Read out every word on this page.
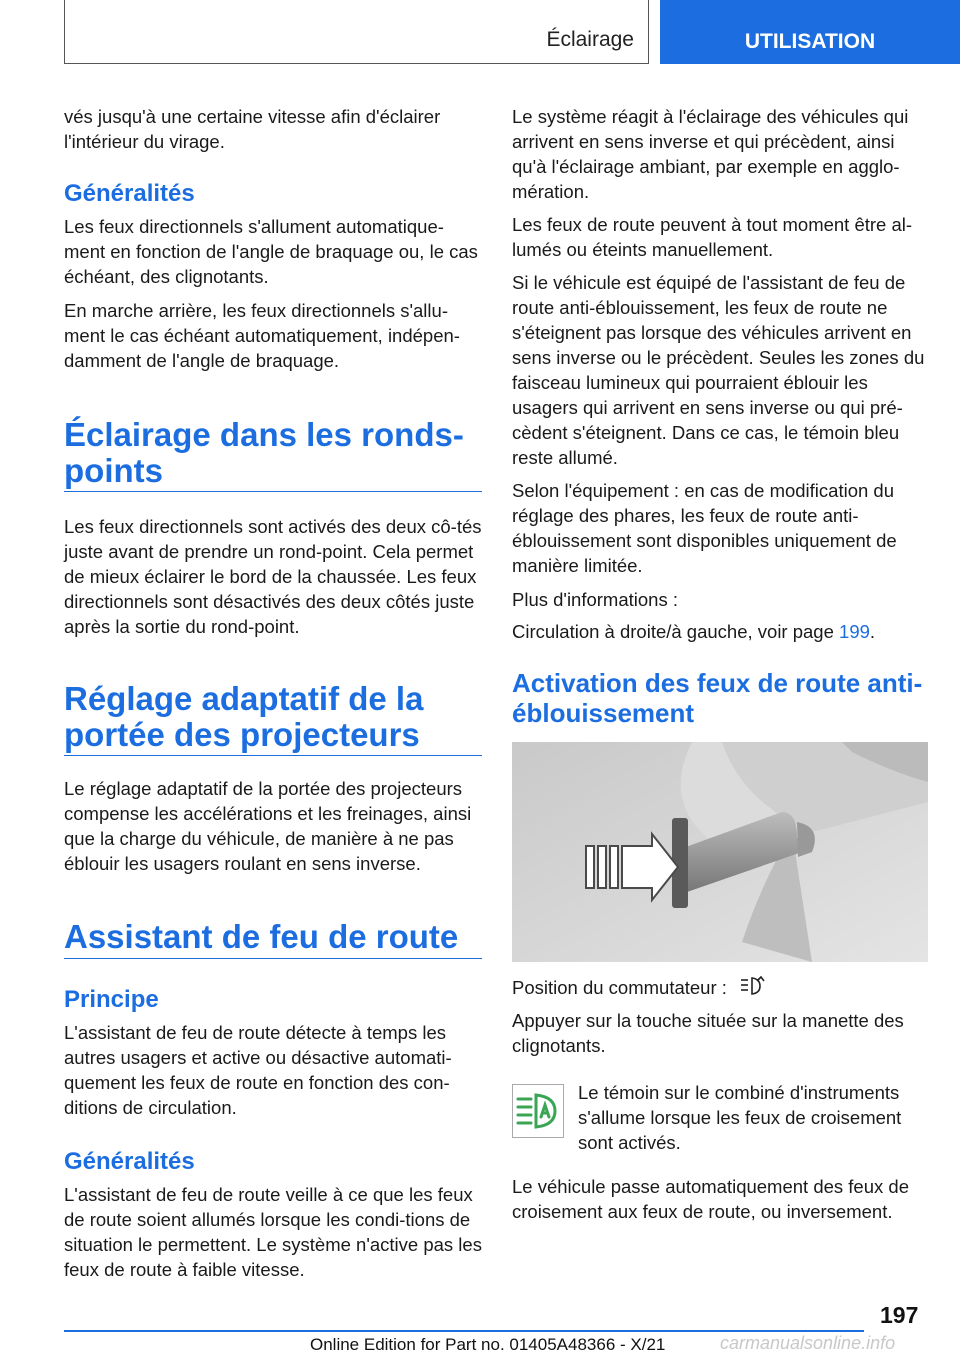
Éclairage	UTILISATION

vés jusqu'à une certaine vitesse afin d'éclairer l'intérieur du virage.

Généralités

Les feux directionnels s'allument automatique‐ment en fonction de l'angle de braquage ou, le cas échéant, des clignotants.

En marche arrière, les feux directionnels s'allu‐ment le cas échéant automatiquement, indépen‐damment de l'angle de braquage.

Éclairage dans les ronds-
points

Les feux directionnels sont activés des deux cô‐tés juste avant de prendre un rond-point. Cela permet de mieux éclairer le bord de la chaussée. Les feux directionnels sont désactivés des deux côtés juste après la sortie du rond-point.

Réglage adaptatif de la
portée des projecteurs

Le réglage adaptatif de la portée des projecteurs compense les accélérations et les freinages, ainsi que la charge du véhicule, de manière à ne pas éblouir les usagers roulant en sens inverse.

Assistant de feu de route
Principe

L'assistant de feu de route détecte à temps les autres usagers et active ou désactive automati‐quement les feux de route en fonction des con‐ditions de circulation.

Généralités

L'assistant de feu de route veille à ce que les feux de route soient allumés lorsque les condi‐tions de situation le permettent. Le système n'active pas les feux de route à faible vitesse.

Le système réagit à l'éclairage des véhicules qui arrivent en sens inverse et qui précèdent, ainsi qu'à l'éclairage ambiant, par exemple en agglo‐mération.

Les feux de route peuvent à tout moment être al‐lumés ou éteints manuellement.

Si le véhicule est équipé de l'assistant de feu de route anti-éblouissement, les feux de route ne s'éteignent pas lorsque des véhicules arrivent en sens inverse ou le précèdent. Seules les zones du faisceau lumineux qui pourraient éblouir les usagers qui arrivent en sens inverse ou qui pré‐cèdent s'éteignent. Dans ce cas, le témoin bleu reste allumé.

Selon l'équipement : en cas de modification du réglage des phares, les feux de route anti-éblouissement sont disponibles uniquement de manière limitée.

Plus d'informations :

Circulation à droite/à gauche, voir page 199.

Activation des feux de route anti-
éblouissement

Position du commutateur :

Appuyer sur la touche située sur la manette des clignotants.

Le témoin sur le combiné d'instruments s'allume lorsque les feux de croisement sont activés.

Le véhicule passe automatiquement des feux de croisement aux feux de route, ou inversement.

197
Online Edition for Part no. 01405A48366 - X/21	carmanualsonline.info
